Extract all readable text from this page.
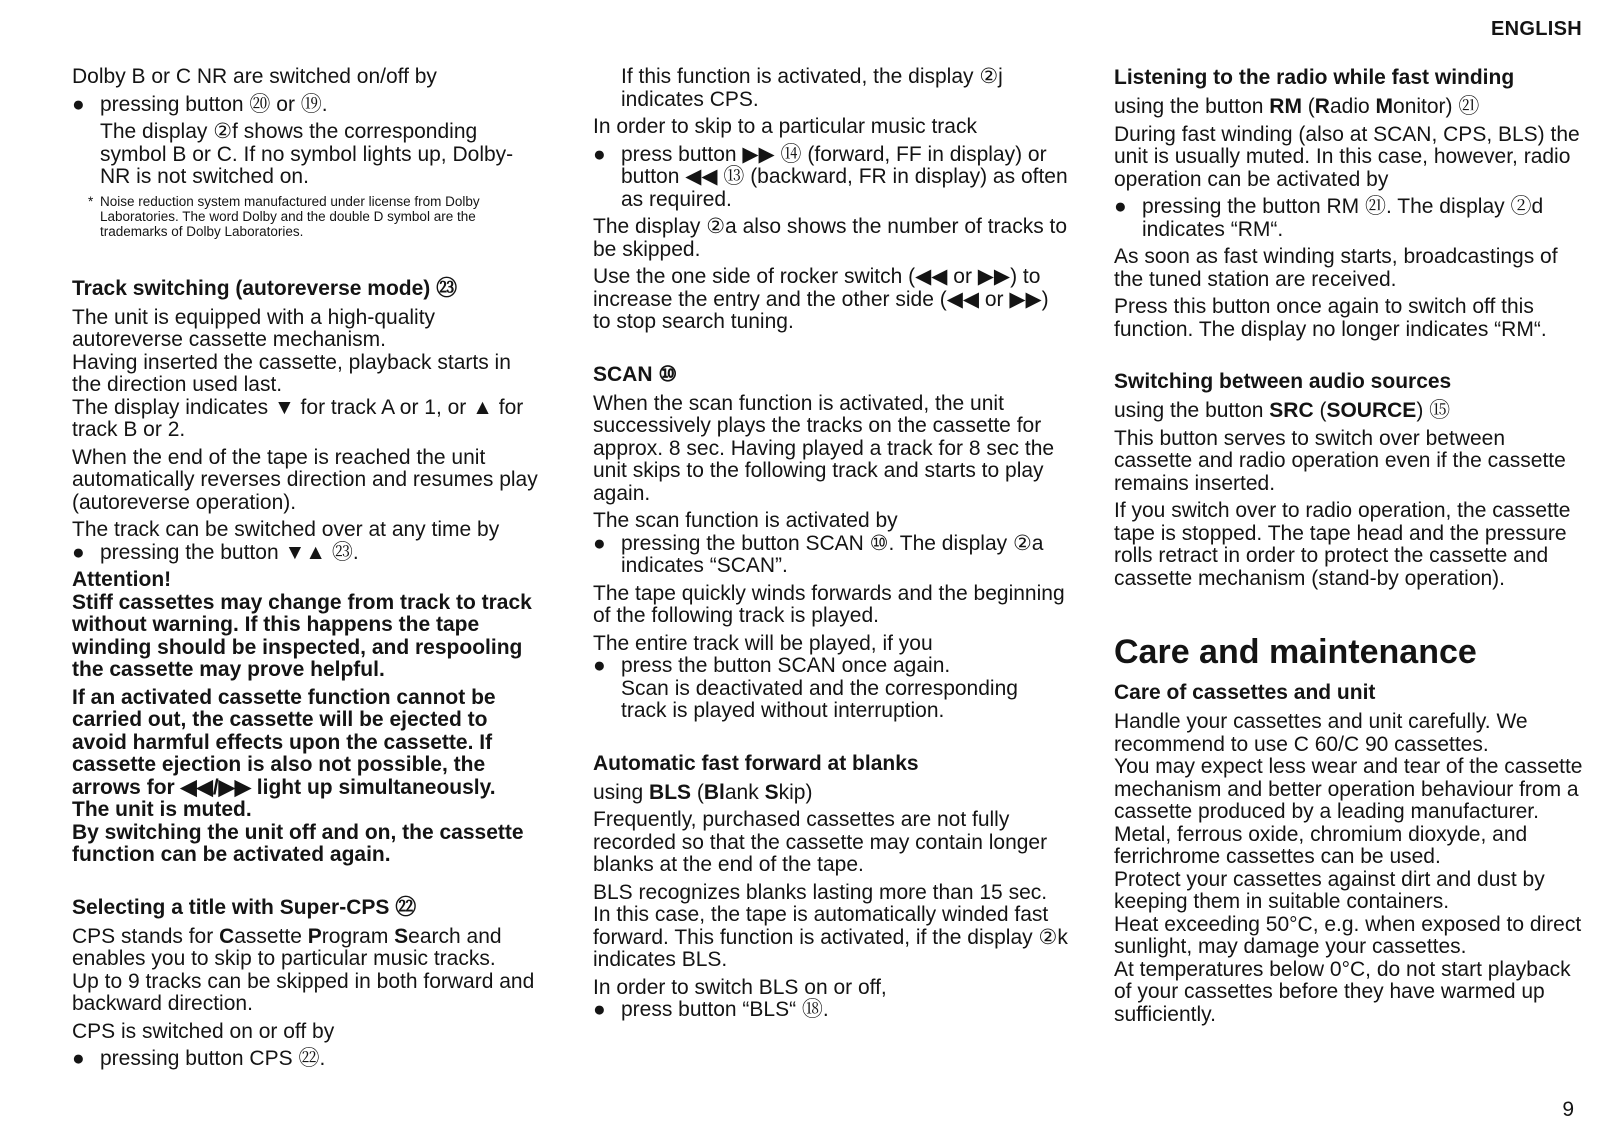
ENGLISH

Dolby B or C NR are switched on/off by

● pressing button ⑳ or ⑲.

The display ②f shows the corresponding symbol B or C. If no symbol lights up, Dolby-NR is not switched on.

* Noise reduction system manufactured under license from Dolby Laboratories. The word Dolby and the double D symbol are the trademarks of Dolby Laboratories.
Track switching (autoreverse mode) ㉓

The unit is equipped with a high-quality autoreverse cassette mechanism.

Having inserted the cassette, playback starts in the direction used last.

The display indicates ▼ for track A or 1, or ▲ for track B or 2.

When the end of the tape is reached the unit automatically reverses direction and resumes play (autoreverse operation).

The track can be switched over at any time by

● pressing the button ▼▲ ㉓.

Attention!

Stiff cassettes may change from track to track without warning. If this happens the tape winding should be inspected, and respooling the cassette may prove helpful.

If an activated cassette function cannot be carried out, the cassette will be ejected to avoid harmful effects upon the cassette. If cassette ejection is also not possible, the arrows for ◀◀/▶▶ light up simultaneously.

The unit is muted.

By switching the unit off and on, the cassette function can be activated again.

Selecting a title with Super-CPS ㉒

CPS stands for Cassette Program Search and enables you to skip to particular music tracks.

Up to 9 tracks can be skipped in both forward and backward direction.

CPS is switched on or off by

● pressing button CPS ㉒.

If this function is activated, the display ②j indicates CPS.

In order to skip to a particular music track

● press button ▶▶ ⑭ (forward, FF in display) or button ◀◀ ⑬ (backward, FR in display) as often as required.

The display ②a also shows the number of tracks to be skipped.

Use the one side of rocker switch (◀◀ or ▶▶) to increase the entry and the other side (◀◀ or ▶▶) to stop search tuning.

SCAN ⑩

When the scan function is activated, the unit successively plays the tracks on the cassette for approx. 8 sec. Having played a track for 8 sec the unit skips to the following track and starts to play again.

The scan function is activated by

● pressing the button SCAN ⑩. The display ②a indicates “SCAN”.

The tape quickly winds forwards and the beginning of the following track is played.

The entire track will be played, if you

● press the button SCAN once again.

Scan is deactivated and the corresponding track is played without interruption.

Automatic fast forward at blanks

using BLS (Blank Skip)

Frequently, purchased cassettes are not fully recorded so that the cassette may contain longer blanks at the end of the tape.

BLS recognizes blanks lasting more than 15 sec. In this case, the tape is automatically winded fast forward. This function is activated, if the display ②k indicates BLS.

In order to switch BLS on or off,

● press button “BLS“ ⑱.
Listening to the radio while fast winding

using the button RM (Radio Monitor) ㉑

During fast winding (also at SCAN, CPS, BLS) the unit is usually muted. In this case, however, radio operation can be activated by

● pressing the button RM ㉑. The display ②d indicates “RM“.

As soon as fast winding starts, broadcastings of the tuned station are received.

Press this button once again to switch off this function. The display no longer indicates “RM“.

Switching between audio sources

using the button SRC (SOURCE) ⑮

This button serves to switch over between cassette and radio operation even if the cassette remains inserted.

If you switch over to radio operation, the cassette tape is stopped. The tape head and the pressure rolls retract in order to protect the cassette and cassette mechanism (stand-by operation).

Care and maintenance
Care of cassettes and unit

Handle your cassettes and unit carefully. We recommend to use C 60/C 90 cassettes.

You may expect less wear and tear of the cassette mechanism and better operation behaviour from a cassette produced by a leading manufacturer.

Metal, ferrous oxide, chromium dioxyde, and ferrichrome cassettes can be used.

Protect your cassettes against dirt and dust by keeping them in suitable containers.

Heat exceeding 50°C, e.g. when exposed to direct sunlight, may damage your cassettes.

At temperatures below 0°C, do not start playback of your cassettes before they have warmed up sufficiently.

9
